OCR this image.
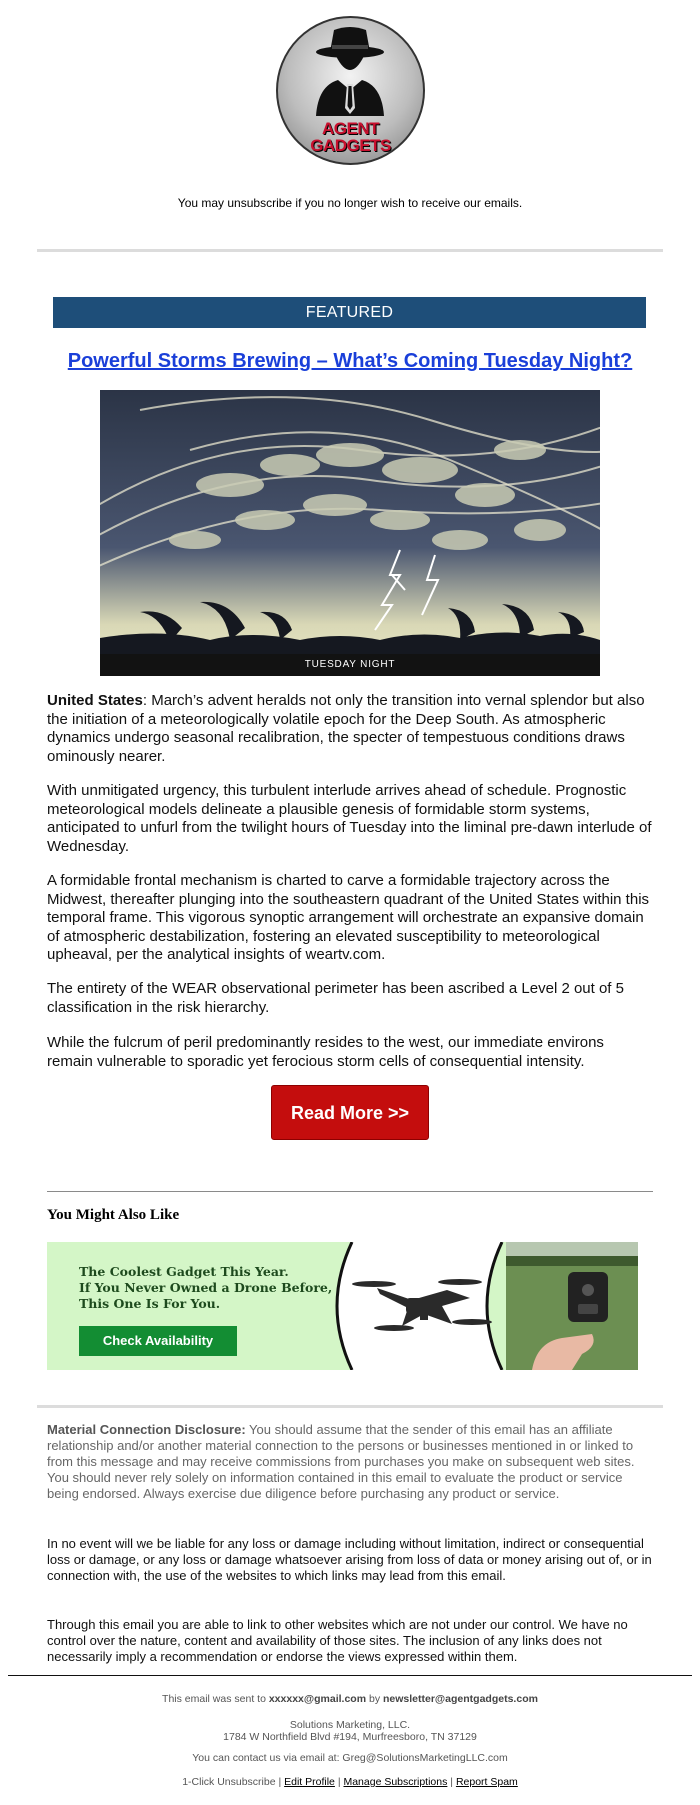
AGENT
GADGETS
You may unsubscribe if you no longer wish to receive our emails.
FEATURED
Powerful Storms Brewing – What’s Coming Tuesday Night?
TUESDAY NIGHT
United States: March’s advent heralds not only the transition into vernal splendor but also the initiation of a meteorologically volatile epoch for the Deep South. As atmospheric dynamics undergo seasonal recalibration, the specter of tempestuous conditions draws ominously nearer.
With unmitigated urgency, this turbulent interlude arrives ahead of schedule. Prognostic meteorological models delineate a plausible genesis of formidable storm systems, anticipated to unfurl from the twilight hours of Tuesday into the liminal pre-dawn interlude of Wednesday.
A formidable frontal mechanism is charted to carve a formidable trajectory across the Midwest, thereafter plunging into the southeastern quadrant of the United States within this temporal frame. This vigorous synoptic arrangement will orchestrate an expansive domain of atmospheric destabilization, fostering an elevated susceptibility to meteorological upheaval, per the analytical insights of weartv.com.
The entirety of the WEAR observational perimeter has been ascribed a Level 2 out of 5 classification in the risk hierarchy.
While the fulcrum of peril predominantly resides to the west, our immediate environs remain vulnerable to sporadic yet ferocious storm cells of consequential intensity.
Read More >>
You Might Also Like
The Coolest Gadget This Year.
If You Never Owned a Drone Before,
This One Is For You.
Check Availability
Material Connection Disclosure: You should assume that the sender of this email has an affiliate relationship and/or another material connection to the persons or businesses mentioned in or linked to from this message and may receive commissions from purchases you make on subsequent web sites. You should never rely solely on information contained in this email to evaluate the product or service being endorsed. Always exercise due diligence before purchasing any product or service.
In no event will we be liable for any loss or damage including without limitation, indirect or consequential loss or damage, or any loss or damage whatsoever arising from loss of data or money arising out of, or in connection with, the use of the websites to which links may lead from this email.
Through this email you are able to link to other websites which are not under our control. We have no control over the nature, content and availability of those sites. The inclusion of any links does not necessarily imply a recommendation or endorse the views expressed within them.
This email was sent to xxxxxx@gmail.com by newsletter@agentgadgets.com
Solutions Marketing, LLC.
1784 W Northfield Blvd #194, Murfreesboro, TN 37129
You can contact us via email at: Greg@SolutionsMarketingLLC.com
1-Click Unsubscribe | Edit Profile | Manage Subscriptions | Report Spam
